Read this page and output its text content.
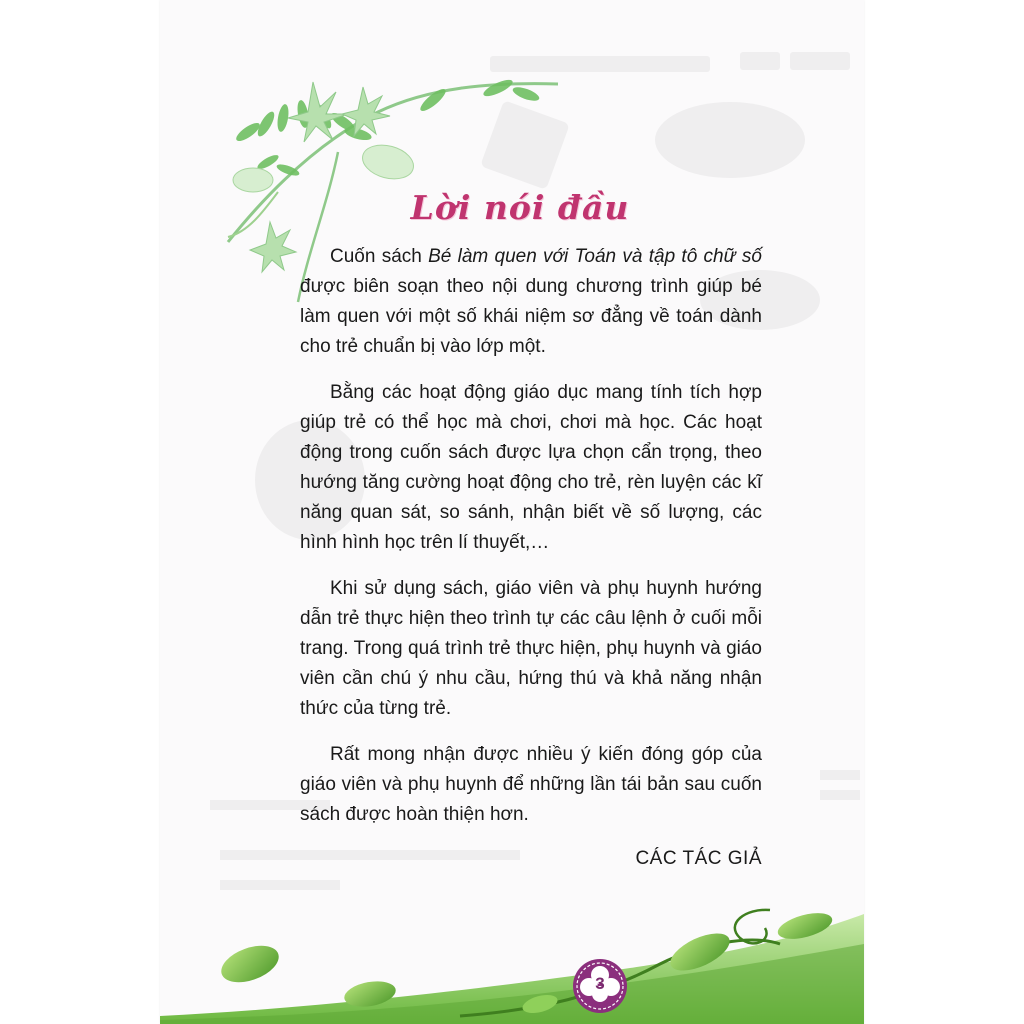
Lời nói đầu

Cuốn sách Bé làm quen với Toán và tập tô chữ số được biên soạn theo nội dung chương trình giúp bé làm quen với một số khái niệm sơ đẳng về toán dành cho trẻ chuẩn bị vào lớp một.

Bằng các hoạt động giáo dục mang tính tích hợp giúp trẻ có thể học mà chơi, chơi mà học. Các hoạt động trong cuốn sách được lựa chọn cẩn trọng, theo hướng tăng cường hoạt động cho trẻ, rèn luyện các kĩ năng quan sát, so sánh, nhận biết về số lượng, các hình hình học trên lí thuyết,…

Khi sử dụng sách, giáo viên và phụ huynh hướng dẫn trẻ thực hiện theo trình tự các câu lệnh ở cuối mỗi trang. Trong quá trình trẻ thực hiện, phụ huynh và giáo viên cần chú ý nhu cầu, hứng thú và khả năng nhận thức của từng trẻ.

Rất mong nhận được nhiều ý kiến đóng góp của giáo viên và phụ huynh để những lần tái bản sau cuốn sách được hoàn thiện hơn.

CÁC TÁC GIẢ
3
